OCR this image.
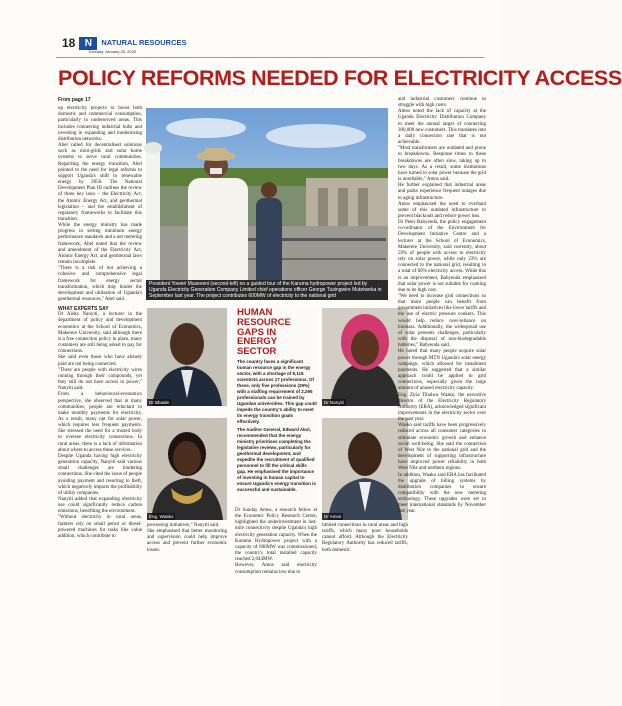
18 N	NATURAL RESOURCES
Tuesday, January 28, 2025
POLICY REFORMS NEEDED FOR ELECTRICITY ACCESS

From page 17

up electricity projects to boost both domestic and commercial consumption, particularly in underserved areas. This includes connecting industrial hubs and investing in expanding and modernising distribution networks.

Abel called for decentralised solutions such as mini-grids and solar home systems to serve rural communities. Regarding the energy transition, Abel pointed to the need for legal reforms to support Uganda's shift to renewable energy by 2050. The National Development Plan III outlines the review of three key laws – the Electricity Act, the Atomic Energy Act, and geothermal legislation – and the establishment of regulatory frameworks to facilitate this transition.

While the energy ministry has made progress in setting minimum energy performance standards and a net metering framework, Abel noted that the review and amendment of the Electricity Act, Atomic Energy Act, and geothermal laws remain incomplete.

"There is a risk of not achieving a cohesive and comprehensive legal framework for energy sector transformation, which may hinder the development and utilisation of Uganda's geothermal resources," Abel said.

WHAT EXPERTS SAY

Dr Aisha Nanyiti, a lecturer in the department of policy and development economics at the School of Economics, Makerere University, said although there is a free connection policy in place, many customers are still being asked to pay for connections.

She said even those who have already paid are not being connected.

"There are people with electricity wires running through their compounds, yet they still do not have access to power," Nanyiti said.

From a behavioural-economics perspective, she observed that in many communities, people are reluctant to make monthly payments for electricity. As a result, many opt for solar power, which requires less frequent payments. She stressed the need for a trusted body to oversee electricity connections. In rural areas, there is a lack of information about where to access these services.

Despite Uganda having high electricity generation capacity, Nanyiti said various small challenges are hindering connections. She cited the issue of people avoiding payment and resorting to theft, which negatively impacts the profitability of utility companies.

Nanyiti added that expanding electricity use could significantly reduce carbon emissions, benefiting the environment.

"Without electricity in rural areas, farmers rely on small petrol or diesel-powered machines for tasks like value addition, which contribute to

President Yoweri Museveni (second-left) on a guided tour of the Karuma hydropower project led by Uganda Electricity Generation Company Limited chief operations officer George Tusingwire Mutetweka in September last year. The project contributes 600MW of electricity to the national grid
Dr Bbaale	Dr Nanyiti
Eng. Waako	Dr Amos
HUMAN RESOURCE GAPS IN ENERGY SECTOR

The country faces a significant human resource gap in the energy sector, with a shortage of 8,119 scientists across 17 professions. Of these, only five professions (29%) with a staffing requirement of 2,295 professionals can be trained by Ugandan universities. This gap could impede the country's ability to meet its energy transition goals effectively.

The Auditor General, Edward Akol, recommended that the energy ministry prioritises completing the legislative reviews, particularly for geothermal development, and expedite the recruitment of qualified personnel to fill the critical skills gap. He emphasised the importance of investing in human capital to ensure Uganda's energy transition is successful and sustainable.

processing initiatives," Nanyiti said.

She emphasised that better monitoring and supervision could help improve access and prevent further economic losses.

Dr Sunday Amos, a research fellow at the Economic Policy Research Centre, highlighted the underinvestment in last-mile connectivity despite Uganda's high electricity generation capacity. When the Karuma Hydropower project with a capacity of 600MW was commissioned, the country's total installed capacity reached 2,044MW.

However, Amos said electricity consumption remains low due to

limited connections in rural areas and high tariffs, which many poor households cannot afford. Although the Electricity Regulatory Authority has reduced tariffs, both domestic

and industrial customers continue to struggle with high costs.

Amos noted the lack of capacity at the Uganda Electricity Distribution Company to meet the annual target of connecting 300,000 new customers. This translates into a daily connection rate that is not achievable.

"Most transformers are outdated and prone to breakdowns. Response times to these breakdowns are often slow, taking up to two days. As a result, some institutions have turned to solar power because the grid is unreliable," Amos said.

He further explained that industrial areas and parks experience frequent outages due to aging infrastructure.

Amos emphasised the need to overhaul some of this outdated infrastructure to prevent blackouts and reduce power loss.

Dr Peter Babyenda, the policy engagement co-ordinator of the Environment for Development Initiative Centre and a lecturer at the School of Economics, Makerere University, said currently, about 59% of people with access to electricity rely on solar power, while only 23% are connected to the national grid, resulting in a total of 60% electricity access. While this is an improvement, Babyenda emphasised that solar power is not suitable for cooking due to its high cost.

"We need to increase grid connections so that more people can benefit from government initiatives like lower tariffs and the use of electric pressure cookers. This would help reduce over-reliance on biomass. Additionally, the widespread use of solar presents challenges, particularly with the disposal of non-biodegradable batteries," Babyenda said.

He noted that many people acquire solar power through MTN Uganda's solar energy campaign, which allowed for instalment payments. He suggested that a similar approach could be applied to grid connections, especially given the large amount of unused electricity capacity.

Eng. Ziria Tibalwa Waako, the executive director of the Electricity Regulatory Authority (ERA), acknowledged significant improvements in the electricity sector over the past year.

Waako said tariffs have been progressively reduced across all consumer categories to stimulate economic growth and enhance social well-being. She said the connection of West Nile to the national grid and the development of supporting infrastructure have improved power reliability in both West Nile and northern regions.

In addition, Waako said ERA has facilitated the upgrade of billing systems by distribution companies to ensure compatibility with the new metering technology. These upgrades were set to meet international standards by November last year.
